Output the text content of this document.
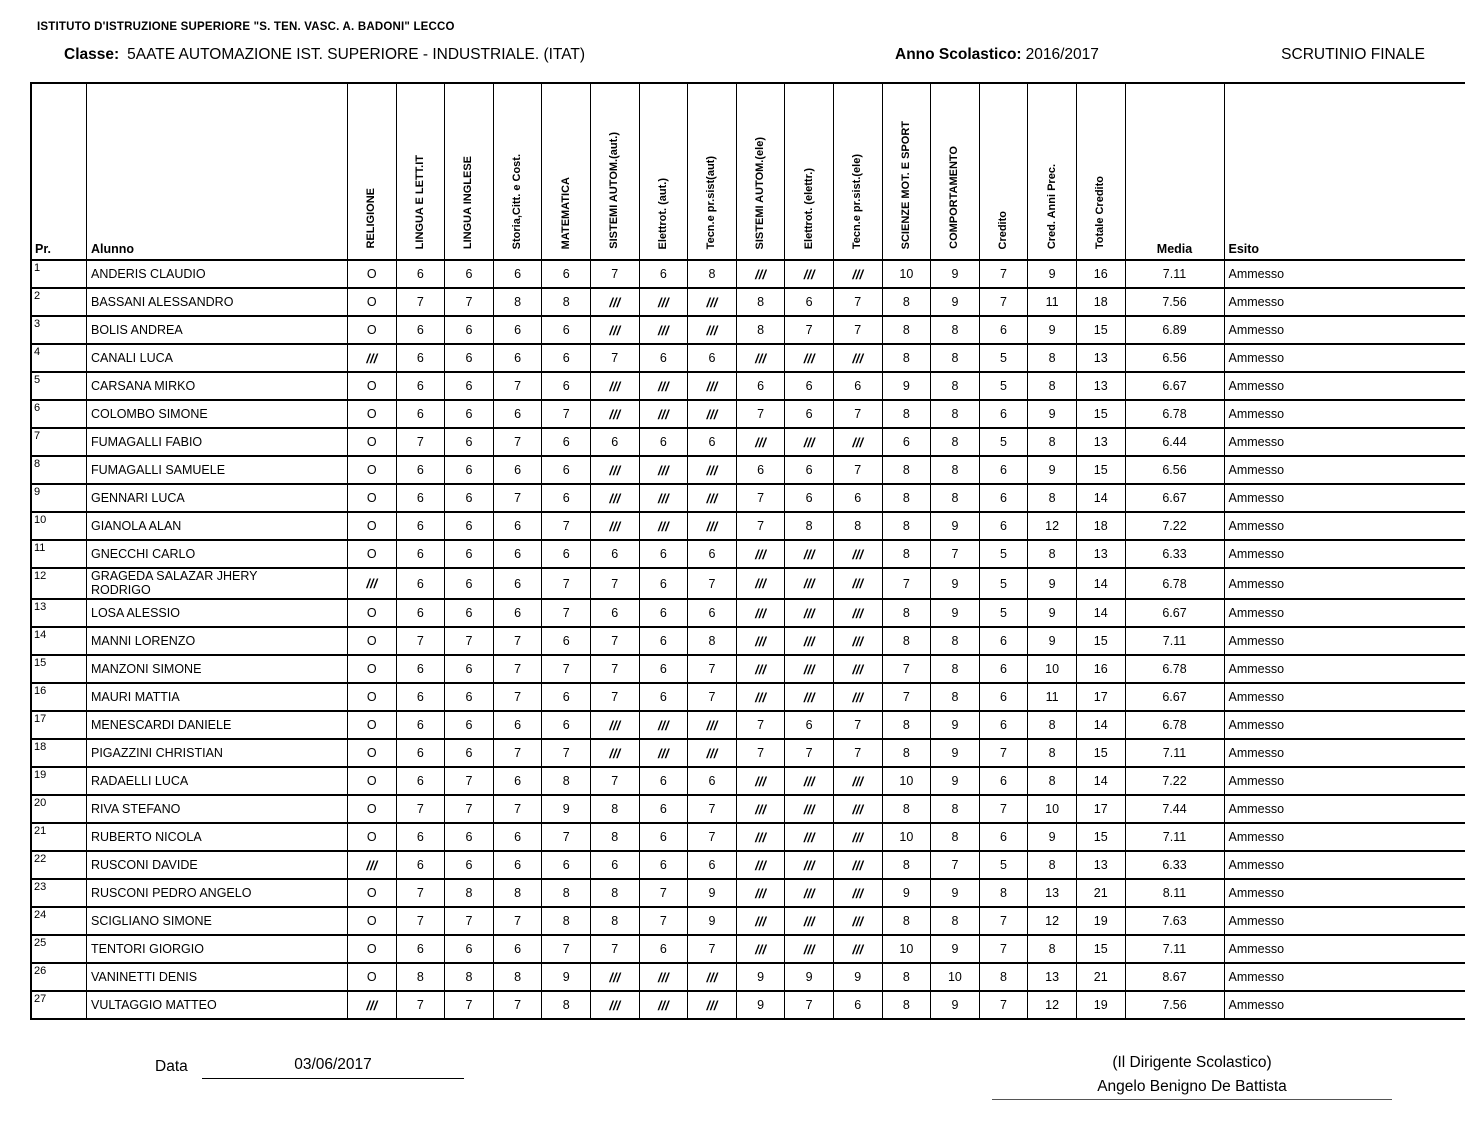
ISTITUTO D'ISTRUZIONE SUPERIORE "S. TEN. VASC. A. BADONI" LECCO
Classe: 5AATE AUTOMAZIONE IST. SUPERIORE - INDUSTRIALE. (ITAT)	Anno Scolastico: 2016/2017	SCRUTINIO FINALE
Pr.	Alunno	RELIGIONE	LINGUA E LETT.IT	LINGUA INGLESE	Storia,Citt. e Cost.	MATEMATICA	SISTEMI AUTOM.(aut.)	Elettrot. (aut.)	Tecn.e pr.sist(aut)	SISTEMI AUTOM.(ele)	Elettrot. (elettr.)	Tecn.e pr.sist.(ele)	SCIENZE MOT. E SPORT	COMPORTAMENTO	Credito	Cred. Anni Prec.	Totale Credito	Media	Esito
1	ANDERIS CLAUDIO	O	6	6	6	6	7	6	8	///	///	///	10	9	7	9	16	7.11	Ammesso
2	BASSANI ALESSANDRO	O	7	7	8	8	///	///	///	8	6	7	8	9	7	11	18	7.56	Ammesso
3	BOLIS ANDREA	O	6	6	6	6	///	///	///	8	7	7	8	8	6	9	15	6.89	Ammesso
4	CANALI LUCA	///	6	6	6	6	7	6	6	///	///	///	8	8	5	8	13	6.56	Ammesso
5	CARSANA MIRKO	O	6	6	7	6	///	///	///	6	6	6	9	8	5	8	13	6.67	Ammesso
6	COLOMBO SIMONE	O	6	6	6	7	///	///	///	7	6	7	8	8	6	9	15	6.78	Ammesso
7	FUMAGALLI FABIO	O	7	6	7	6	6	6	6	///	///	///	6	8	5	8	13	6.44	Ammesso
8	FUMAGALLI SAMUELE	O	6	6	6	6	///	///	///	6	6	7	8	8	6	9	15	6.56	Ammesso
9	GENNARI LUCA	O	6	6	7	6	///	///	///	7	6	6	8	8	6	8	14	6.67	Ammesso
10	GIANOLA ALAN	O	6	6	6	7	///	///	///	7	8	8	8	9	6	12	18	7.22	Ammesso
11	GNECCHI CARLO	O	6	6	6	6	6	6	6	///	///	///	8	7	5	8	13	6.33	Ammesso
12	GRAGEDA SALAZAR JHERY RODRIGO	///	6	6	6	7	7	6	7	///	///	///	7	9	5	9	14	6.78	Ammesso
13	LOSA ALESSIO	O	6	6	6	7	6	6	6	///	///	///	8	9	5	9	14	6.67	Ammesso
14	MANNI LORENZO	O	7	7	7	6	7	6	8	///	///	///	8	8	6	9	15	7.11	Ammesso
15	MANZONI SIMONE	O	6	6	7	7	7	6	7	///	///	///	7	8	6	10	16	6.78	Ammesso
16	MAURI MATTIA	O	6	6	7	6	7	6	7	///	///	///	7	8	6	11	17	6.67	Ammesso
17	MENESCARDI DANIELE	O	6	6	6	6	///	///	///	7	6	7	8	9	6	8	14	6.78	Ammesso
18	PIGAZZINI CHRISTIAN	O	6	6	7	7	///	///	///	7	7	7	8	9	7	8	15	7.11	Ammesso
19	RADAELLI LUCA	O	6	7	6	8	7	6	6	///	///	///	10	9	6	8	14	7.22	Ammesso
20	RIVA STEFANO	O	7	7	7	9	8	6	7	///	///	///	8	8	7	10	17	7.44	Ammesso
21	RUBERTO NICOLA	O	6	6	6	7	8	6	7	///	///	///	10	8	6	9	15	7.11	Ammesso
22	RUSCONI DAVIDE	///	6	6	6	6	6	6	6	///	///	///	8	7	5	8	13	6.33	Ammesso
23	RUSCONI PEDRO ANGELO	O	7	8	8	8	8	7	9	///	///	///	9	9	8	13	21	8.11	Ammesso
24	SCIGLIANO SIMONE	O	7	7	7	8	8	7	9	///	///	///	8	8	7	12	19	7.63	Ammesso
25	TENTORI GIORGIO	O	6	6	6	7	7	6	7	///	///	///	10	9	7	8	15	7.11	Ammesso
26	VANINETTI DENIS	O	8	8	8	9	///	///	///	9	9	9	8	10	8	13	21	8.67	Ammesso
27	VULTAGGIO MATTEO	///	7	7	7	8	///	///	///	9	7	6	8	9	7	12	19	7.56	Ammesso
Data	03/06/2017	(Il Dirigente Scolastico)
Angelo Benigno De Battista
